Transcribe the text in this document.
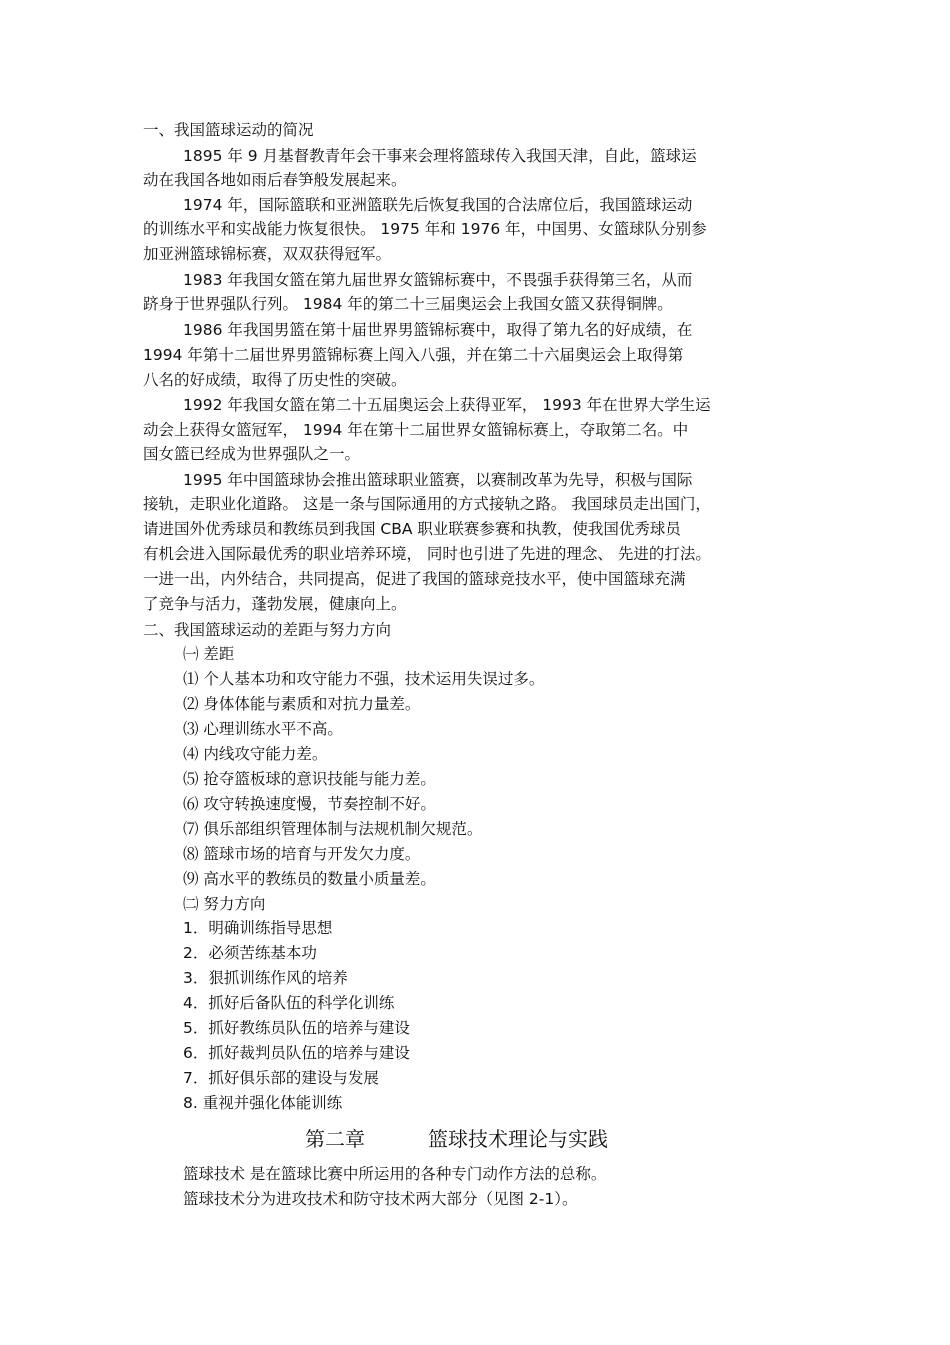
一、我国篮球运动的简况
1895 年 9 月基督教青年会干事来会理将篮球传入我国天津，自此，篮球运
动在我国各地如雨后春笋般发展起来。
1974 年，国际篮联和亚洲篮联先后恢复我国的合法席位后，我国篮球运动
的训练水平和实战能力恢复很快。 1975 年和 1976 年，中国男、女篮球队分别参
加亚洲篮球锦标赛，双双获得冠军。
1983 年我国女篮在第九届世界女篮锦标赛中，不畏强手获得第三名，从而
跻身于世界强队行列。 1984 年的第二十三届奥运会上我国女篮又获得铜牌。
1986 年我国男篮在第十届世界男篮锦标赛中，取得了第九名的好成绩，在
1994 年第十二届世界男篮锦标赛上闯入八强，并在第二十六届奥运会上取得第
八名的好成绩，取得了历史性的突破。
1992 年我国女篮在第二十五届奥运会上获得亚军， 1993 年在世界大学生运
动会上获得女篮冠军， 1994 年在第十二届世界女篮锦标赛上，夺取第二名。中
国女篮已经成为世界强队之一。
1995 年中国篮球协会推出篮球职业篮赛，以赛制改革为先导，积极与国际
接轨，走职业化道路。 这是一条与国际通用的方式接轨之路。 我国球员走出国门，
请进国外优秀球员和教练员到我国 CBA 职业联赛参赛和执教，使我国优秀球员
有机会进入国际最优秀的职业培养环境， 同时也引进了先进的理念、 先进的打法。
一进一出，内外结合，共同提高，促进了我国的篮球竞技水平，使中国篮球充满
了竞争与活力，蓬勃发展，健康向上。
二、我国篮球运动的差距与努力方向
㈠ 差距
⑴ 个人基本功和攻守能力不强，技术运用失误过多。
⑵ 身体体能与素质和对抗力量差。
⑶ 心理训练水平不高。
⑷ 内线攻守能力差。
⑸ 抢夺篮板球的意识技能与能力差。
⑹ 攻守转换速度慢，节奏控制不好。
⑺ 俱乐部组织管理体制与法规机制欠规范。
⑻ 篮球市场的培育与开发欠力度。
⑼ 高水平的教练员的数量小质量差。
㈡ 努力方向
1．明确训练指导思想
2．必须苦练基本功
3．狠抓训练作风的培养
4．抓好后备队伍的科学化训练
5．抓好教练员队伍的培养与建设
6．抓好裁判员队伍的培养与建设
7．抓好俱乐部的建设与发展
8. 重视并强化体能训练
第二章	篮球技术理论与实践
篮球技术 是在篮球比赛中所运用的各种专门动作方法的总称。
篮球技术分为进攻技术和防守技术两大部分（见图 2-1）。
